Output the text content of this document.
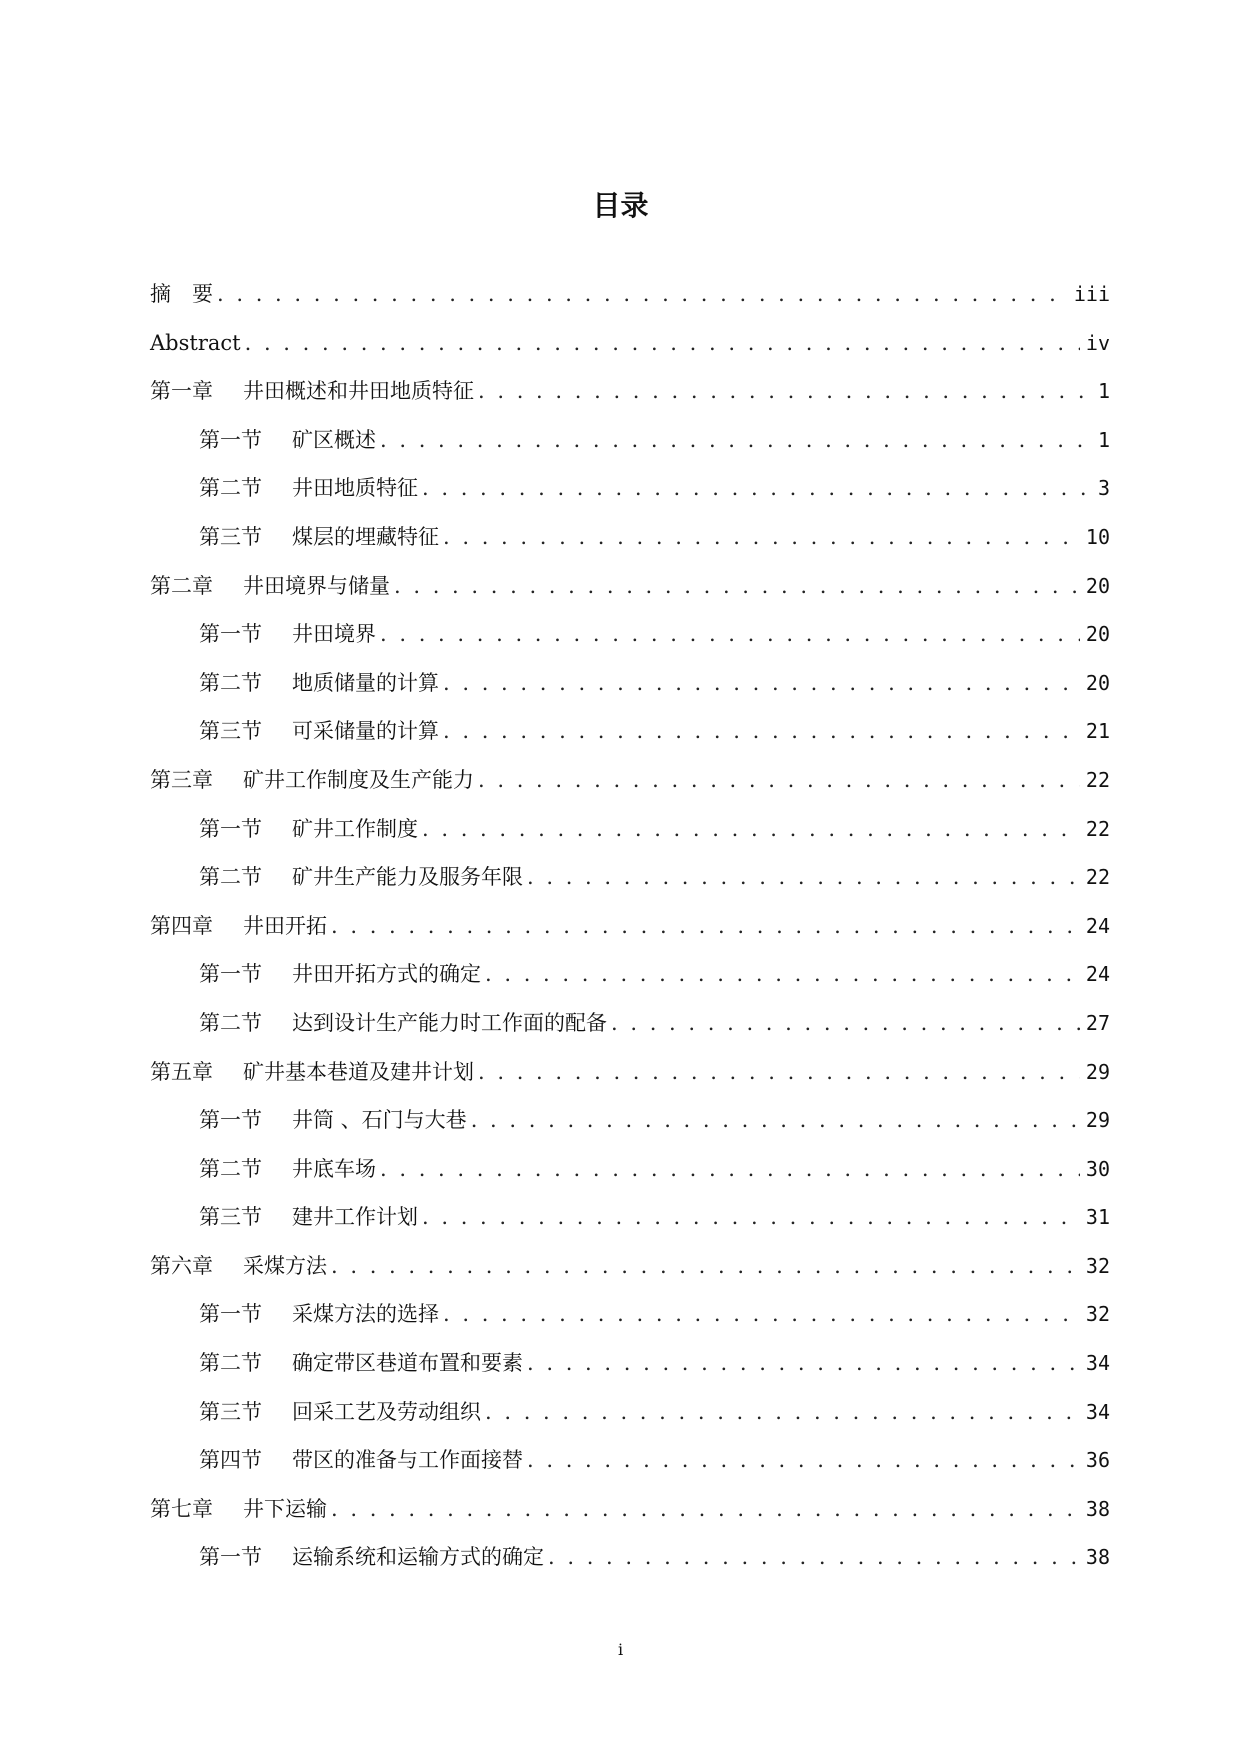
目录
摘　要 . . .	iii
Abstract . . .	iv
第一章 井田概述和井田地质特征 . . .	1
第一节 矿区概述 . . .	1
第二节 井田地质特征 . . .	3
第三节 煤层的埋藏特征 . . .	10
第二章 井田境界与储量 . . .	20
第一节 井田境界 . . .	20
第二节 地质储量的计算 . . .	20
第三节 可采储量的计算 . . .	21
第三章 矿井工作制度及生产能力 . . .	22
第一节 矿井工作制度 . . .	22
第二节 矿井生产能力及服务年限 . . .	22
第四章 井田开拓 . . .	24
第一节 井田开拓方式的确定 . . .	24
第二节 达到设计生产能力时工作面的配备 . . .	27
第五章 矿井基本巷道及建井计划 . . .	29
第一节 井筒 、石门与大巷 . . .	29
第二节 井底车场 . . .	30
第三节 建井工作计划 . . .	31
第六章 采煤方法 . . .	32
第一节 采煤方法的选择 . . .	32
第二节 确定带区巷道布置和要素 . . .	34
第三节 回采工艺及劳动组织 . . .	34
第四节 带区的准备与工作面接替 . . .	36
第七章 井下运输 . . .	38
第一节 运输系统和运输方式的确定 . . .	38
i
